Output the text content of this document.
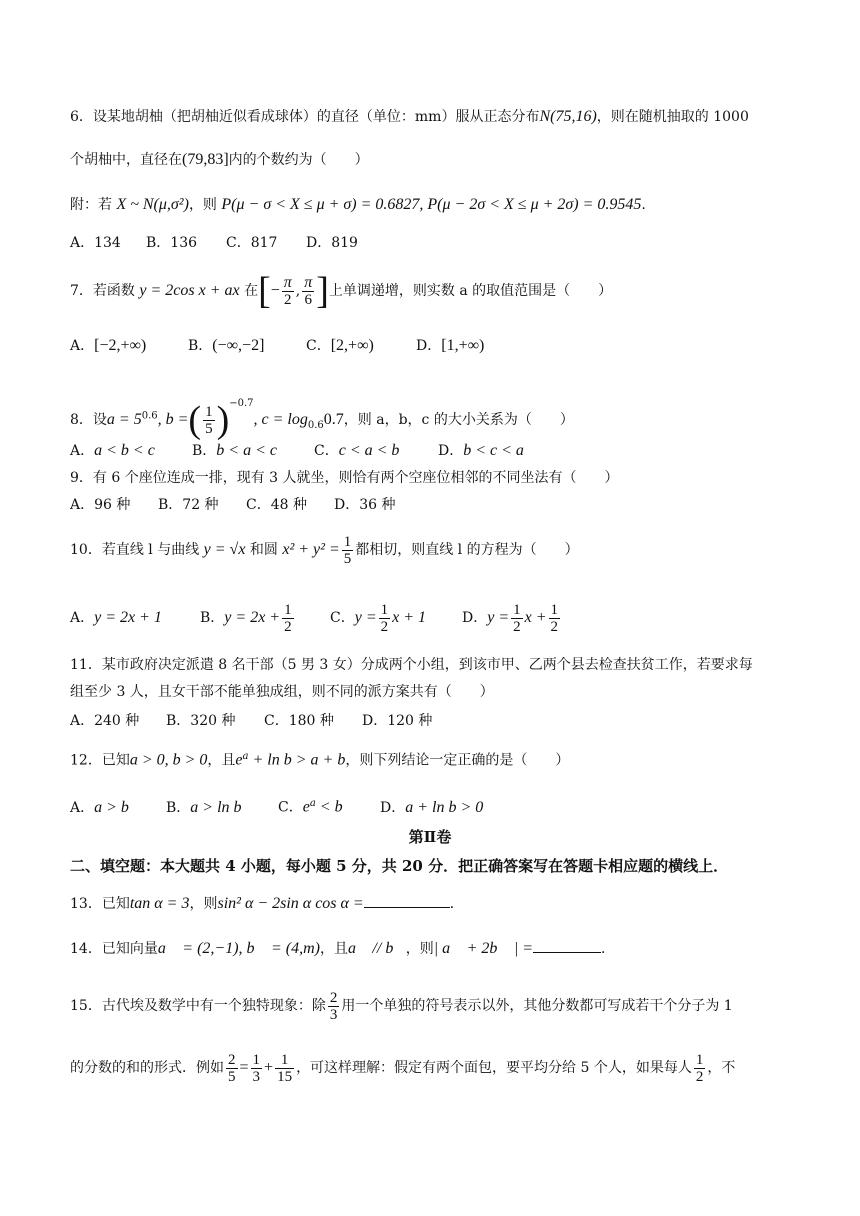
6．设某地胡柚（把胡柚近似看成球体）的直径（单位：mm）服从正态分布N(75,16)，则在随机抽取的 1000
个胡柚中，直径在(79,83]内的个数约为（　　）
附：若 X ~ N(μ,σ²)，则 P(μ − σ < X ≤ μ + σ) = 0.6827, P(μ − 2σ < X ≤ μ + 2σ) = 0.9545.
A．134 B．136 C．817 D．819
7．若函数 y = 2cos x + ax 在[− $\frac{\pi}{2}$ , $\frac{\pi}{6}$ ]上单调递增，则实数 a 的取值范围是（　　）
A．[−2,+∞)	B．(−∞,−2]	C．[2,+∞)	D．[1,+∞)
8．设$a = 5^{0.6}$, b =( $\frac{1}{5} )^{-0.7}$, $c = \log_{0.6}0.7$，则 a，b，c 的大小关系为（　　）
A．a < b < c	B．b < a < c	C．c < a < b	D．b < c < a
9．有 6 个座位连成一排，现有 3 人就坐，则恰有两个空座位相邻的不同坐法有（　　）
A．96 种 B．72 种 C．48 种 D．36 种
10．若直线 l 与曲线 y = √x 和圆 $x^2 + y^2 = \frac{1}{5}$ 都相切，则直线 l 的方程为（　　）
A．y = 2x + 1	B．$y = 2x + \frac{1}{2}$	C．$y = \frac{1}{2}$ x + 1	D．$y = \frac{1}{2}$ $x + \frac{1}{2}$
11．某市政府决定派遣 8 名干部（5 男 3 女）分成两个小组，到该市甲、乙两个县去检查扶贫工作，若要求每
组至少 3 人，且女干部不能单独成组，则不同的派方案共有（　　）
A．240 种 B．320 种 C．180 种 D．120 种
12．已知a > 0, b > 0，且$e^a + \ln b > a + b$，则下列结论一定正确的是（　　）
A．a > b	B．a > ln b	C．$e^a < b$	D．a + ln b > 0
第Ⅱ卷
二、填空题：本大题共 4 小题，每小题 5 分，共 20 分．把正确答案写在答题卡相应题的横线上．
13．已知tan α = 3，则sin² α − 2sin α cos α =	．
14．已知向量a⃗ = (2,−1), b⃗ = (4,m)，且a⃗ // b⃗，则| a⃗ + 2b⃗ | =	．
15．古代埃及数学中有一个独特现象：除 $\frac{2}{3}$ 用一个单独的符号表示以外，其他分数都可写成若干个分子为 1
的分数的和的形式．例如 $\frac{2}{5} = \frac{1}{3} + \frac{1}{15}$ ，可这样理解：假定有两个面包，要平均分给 5 个人，如果每人 $\frac{1}{2}$ ，不
